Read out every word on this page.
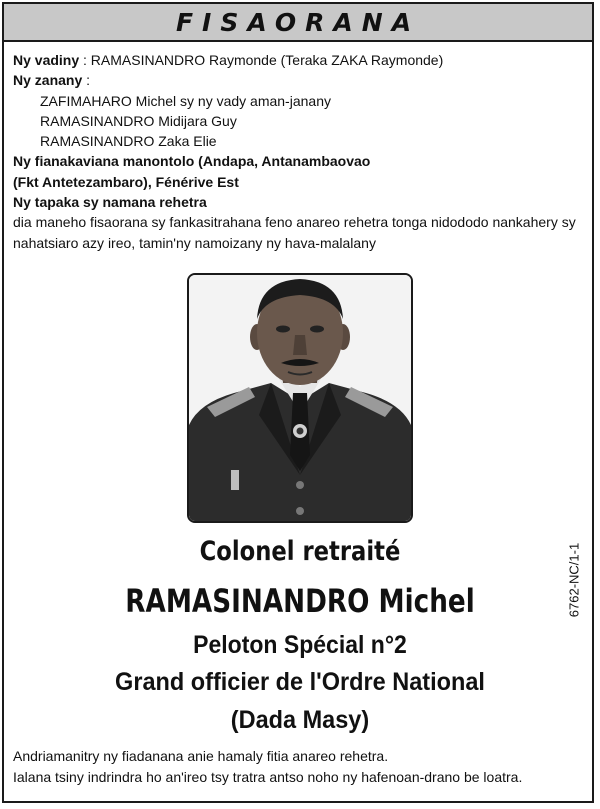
FISAORANA
Ny vadiny : RAMASINANDRO Raymonde (Teraka ZAKA Raymonde)
Ny zanany :
ZAFIMAHARO Michel sy ny vady aman-janany
RAMASINANDRO Midijara Guy
RAMASINANDRO Zaka Elie
Ny fianakaviana manontolo (Andapa, Antanambaovao
(Fkt Antetezambaro), Fénérive Est
Ny tapaka sy namana rehetra
dia maneho fisaorana sy fankasitrahana feno anareo rehetra tonga nidododo nankahery sy
nahatsiaro azy ireo, tamin'ny namoizany ny hava-malalany
6762-NC/1-1
Colonel retraité
RAMASINANDRO Michel
Peloton Spécial n°2
Grand officier de l'Ordre National
(Dada Masy)
Andriamanitry ny fiadanana anie hamaly fitia anareo rehetra.
Ialana tsiny indrindra ho an'ireo tsy tratra antso noho ny hafenoan-drano be loatra.
